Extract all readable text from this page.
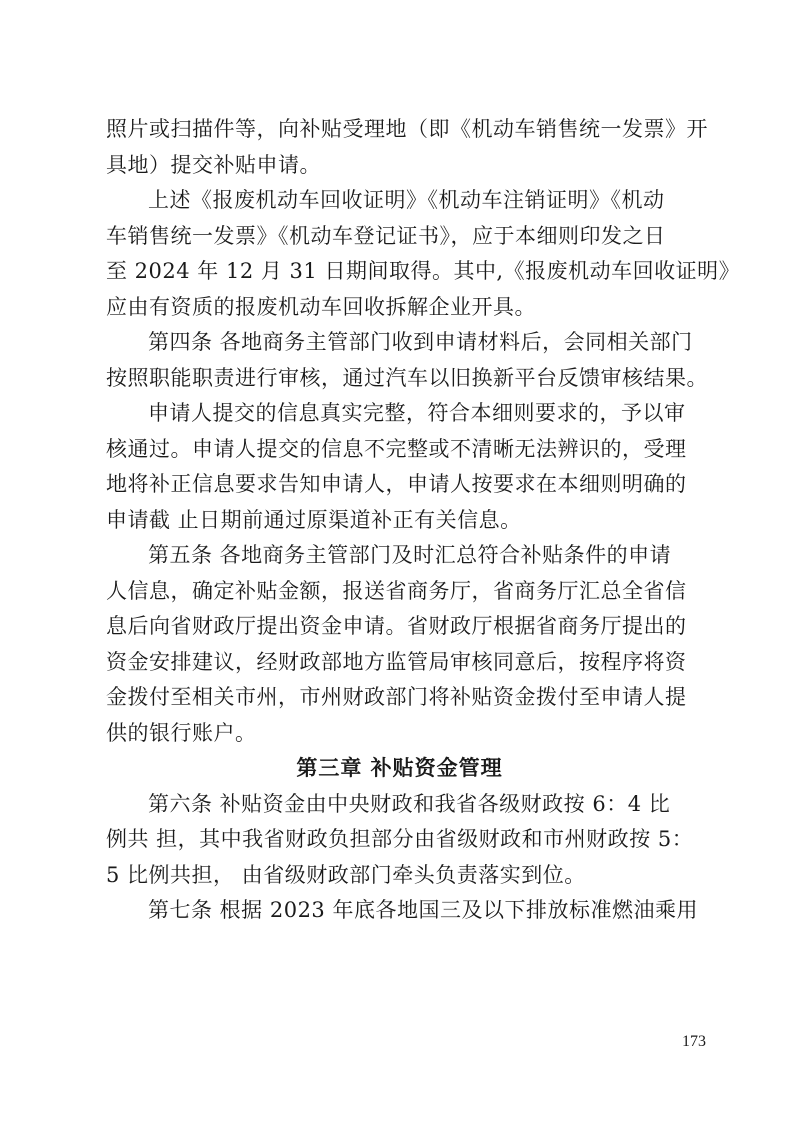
照片或扫描件等，向补贴受理地（即《机动车销售统一发票》开
具地）提交补贴申请。
上述《报废机动车回收证明》《机动车注销证明》《机动
车销售统一发票》《机动车登记证书》，应于本细则印发之日
至 2024 年 12 月 31 日期间取得。其中,《报废机动车回收证明》
应由有资质的报废机动车回收拆解企业开具。
第四条 各地商务主管部门收到申请材料后，会同相关部门
按照职能职责进行审核，通过汽车以旧换新平台反馈审核结果。
申请人提交的信息真实完整，符合本细则要求的，予以审
核通过。申请人提交的信息不完整或不清晰无法辨识的，受理
地将补正信息要求告知申请人，申请人按要求在本细则明确的
申请截 止日期前通过原渠道补正有关信息。
第五条 各地商务主管部门及时汇总符合补贴条件的申请
人信息，确定补贴金额，报送省商务厅，省商务厅汇总全省信
息后向省财政厅提出资金申请。省财政厅根据省商务厅提出的
资金安排建议，经财政部地方监管局审核同意后，按程序将资
金拨付至相关市州，市州财政部门将补贴资金拨付至申请人提
供的银行账户。
第三章 补贴资金管理
第六条 补贴资金由中央财政和我省各级财政按 6：4 比
例共 担，其中我省财政负担部分由省级财政和市州财政按 5：
5 比例共担， 由省级财政部门牵头负责落实到位。
第七条 根据 2023 年底各地国三及以下排放标准燃油乘用
173
